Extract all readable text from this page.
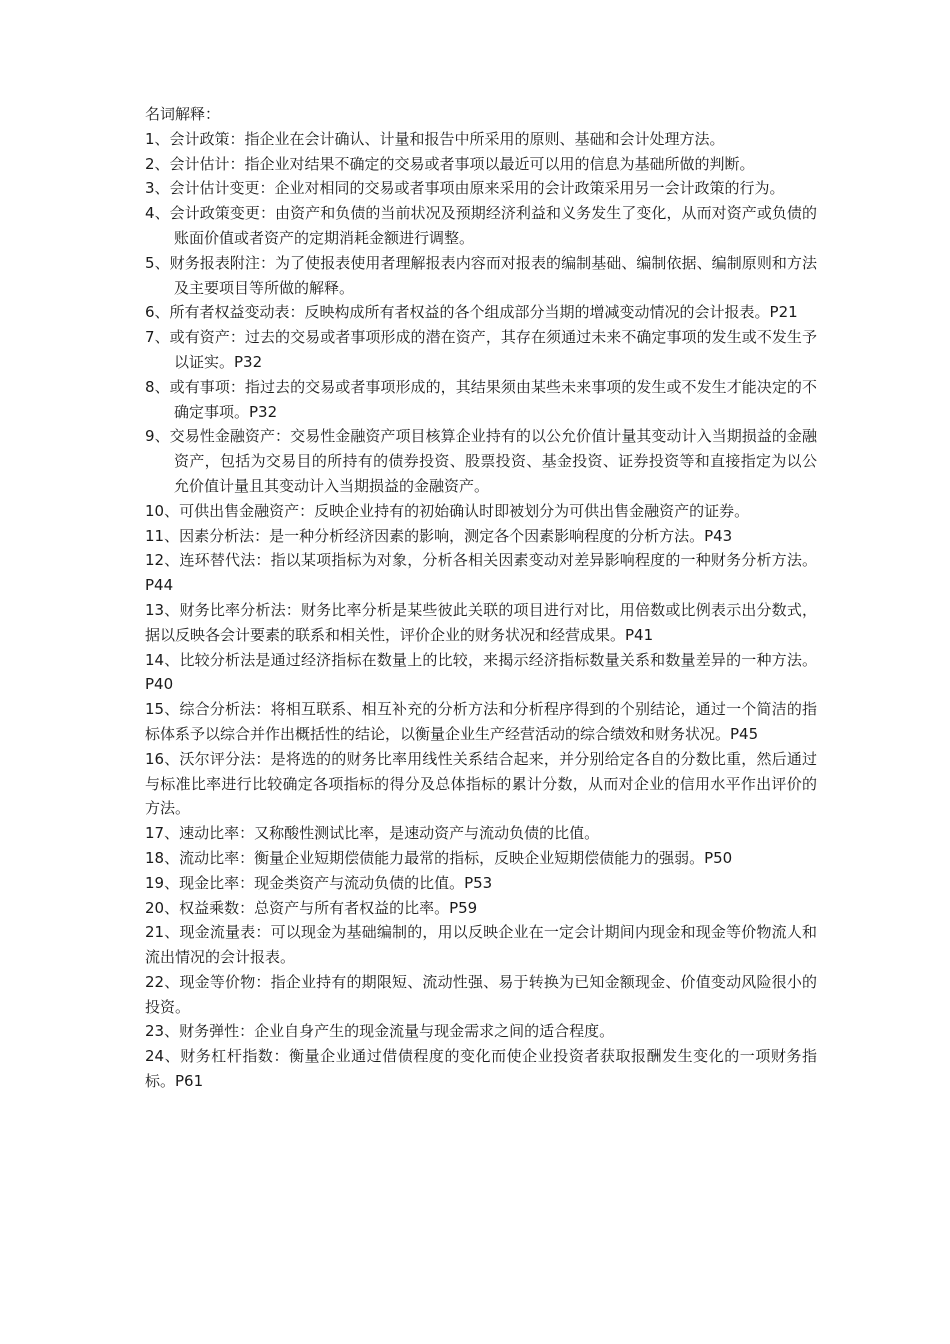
名词解释：

1、会计政策：指企业在会计确认、计量和报告中所采用的原则、基础和会计处理方法。
2、会计估计：指企业对结果不确定的交易或者事项以最近可以用的信息为基础所做的判断。
3、会计估计变更：企业对相同的交易或者事项由原来采用的会计政策采用另一会计政策的行为。
4、会计政策变更：由资产和负债的当前状况及预期经济利益和义务发生了变化，从而对资产或负债的账面价值或者资产的定期消耗金额进行调整。
5、财务报表附注：为了使报表使用者理解报表内容而对报表的编制基础、编制依据、编制原则和方法及主要项目等所做的解释。
6、所有者权益变动表：反映构成所有者权益的各个组成部分当期的增减变动情况的会计报表。P21
7、或有资产：过去的交易或者事项形成的潜在资产，其存在须通过未来不确定事项的发生或不发生予以证实。P32
8、或有事项：指过去的交易或者事项形成的，其结果须由某些未来事项的发生或不发生才能决定的不确定事项。P32
9、交易性金融资产：交易性金融资产项目核算企业持有的以公允价值计量其变动计入当期损益的金融资产，包括为交易目的所持有的债券投资、股票投资、基金投资、证券投资等和直接指定为以公允价值计量且其变动计入当期损益的金融资产。
10、可供出售金融资产：反映企业持有的初始确认时即被划分为可供出售金融资产的证券。
11、因素分析法：是一种分析经济因素的影响，测定各个因素影响程度的分析方法。P43
12、连环替代法：指以某项指标为对象，分析各相关因素变动对差异影响程度的一种财务分析方法。P44
13、财务比率分析法：财务比率分析是某些彼此关联的项目进行对比，用倍数或比例表示出分数式，据以反映各会计要素的联系和相关性，评价企业的财务状况和经营成果。P41
14、比较分析法是通过经济指标在数量上的比较，来揭示经济指标数量关系和数量差异的一种方法。P40
15、综合分析法：将相互联系、相互补充的分析方法和分析程序得到的个别结论，通过一个简洁的指标体系予以综合并作出概括性的结论，以衡量企业生产经营活动的综合绩效和财务状况。P45
16、沃尔评分法：是将选的的财务比率用线性关系结合起来，并分别给定各自的分数比重，然后通过与标准比率进行比较确定各项指标的得分及总体指标的累计分数，从而对企业的信用水平作出评价的方法。
17、速动比率：又称酸性测试比率，是速动资产与流动负债的比值。
18、流动比率：衡量企业短期偿债能力最常的指标，反映企业短期偿债能力的强弱。P50
19、现金比率：现金类资产与流动负债的比值。P53
20、权益乘数：总资产与所有者权益的比率。P59
21、现金流量表：可以现金为基础编制的，用以反映企业在一定会计期间内现金和现金等价物流人和流出情况的会计报表。
22、现金等价物：指企业持有的期限短、流动性强、易于转换为已知金额现金、价值变动风险很小的投资。
23、财务弹性：企业自身产生的现金流量与现金需求之间的适合程度。
24、财务杠杆指数：衡量企业通过借债程度的变化而使企业投资者获取报酬发生变化的一项财务指标。P61
